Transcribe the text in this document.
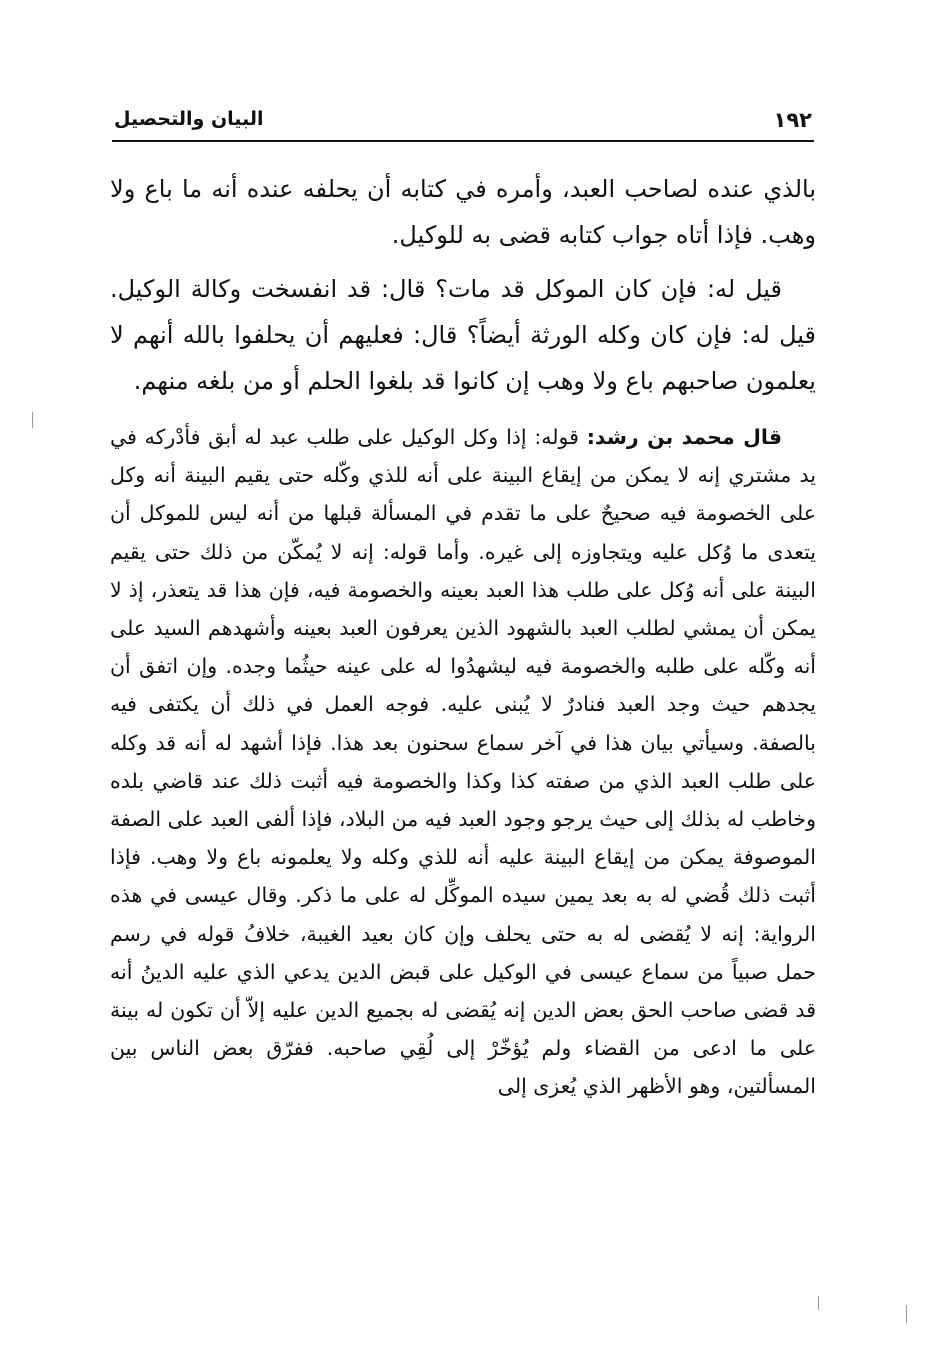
١٩٢
البيان والتحصيل

بالذي عنده لصاحب العبد، وأمره في كتابه أن يحلفه عنده أنه ما باع ولا وهب. فإذا أتاه جواب كتابه قضى به للوكيل.

قيل له: فإن كان الموكل قد مات؟ قال: قد انفسخت وكالة الوكيل. قيل له: فإن كان وكله الورثة أيضاً؟ قال: فعليهم أن يحلفوا بالله أنهم لا يعلمون صاحبهم باع ولا وهب إن كانوا قد بلغوا الحلم أو من بلغه منهم.

قال محمد بن رشد: قوله: إذا وكل الوكيل على طلب عبد له أبق فأدْركه في يد مشتري إنه لا يمكن من إيقاع البينة على أنه للذي وكّله حتى يقيم البينة أنه وكل على الخصومة فيه صحيحٌ على ما تقدم في المسألة قبلها من أنه ليس للموكل أن يتعدى ما وُكل عليه ويتجاوزه إلى غيره. وأما قوله: إنه لا يُمكّن من ذلك حتى يقيم البينة على أنه وُكل على طلب هذا العبد بعينه والخصومة فيه، فإن هذا قد يتعذر، إذ لا يمكن أن يمشي لطلب العبد بالشهود الذين يعرفون العبد بعينه وأشهدهم السيد على أنه وكّله على طلبه والخصومة فيه ليشهدُوا له على عينه حيثُما وجده. وإن اتفق أن يجدهم حيث وجد العبد فنادرٌ لا يُبنى عليه. فوجه العمل في ذلك أن يكتفى فيه بالصفة. وسيأتي بيان هذا في آخر سماع سحنون بعد هذا. فإذا أشهد له أنه قد وكله على طلب العبد الذي من صفته كذا وكذا والخصومة فيه أثبت ذلك عند قاضي بلده وخاطب له بذلك إلى حيث يرجو وجود العبد فيه من البلاد، فإذا ألفى العبد على الصفة الموصوفة يمكن من إيقاع البينة عليه أنه للذي وكله ولا يعلمونه باع ولا وهب. فإذا أثبت ذلك قُضي له به بعد يمين سيده الموكِّل له على ما ذكر. وقال عيسى في هذه الرواية: إنه لا يُقضى له به حتى يحلف وإن كان بعيد الغيبة، خلافُ قوله في رسم حمل صبياً من سماع عيسى في الوكيل على قبض الدين يدعي الذي عليه الدينُ أنه قد قضى صاحب الحق بعض الدين إنه يُقضى له بجميع الدين عليه إلاّ أن تكون له بينة على ما ادعى من القضاء ولم يُؤخّرْ إلى لُقِي صاحبه. ففرّق بعض الناس بين المسألتين، وهو الأظهر الذي يُعزى إلى
